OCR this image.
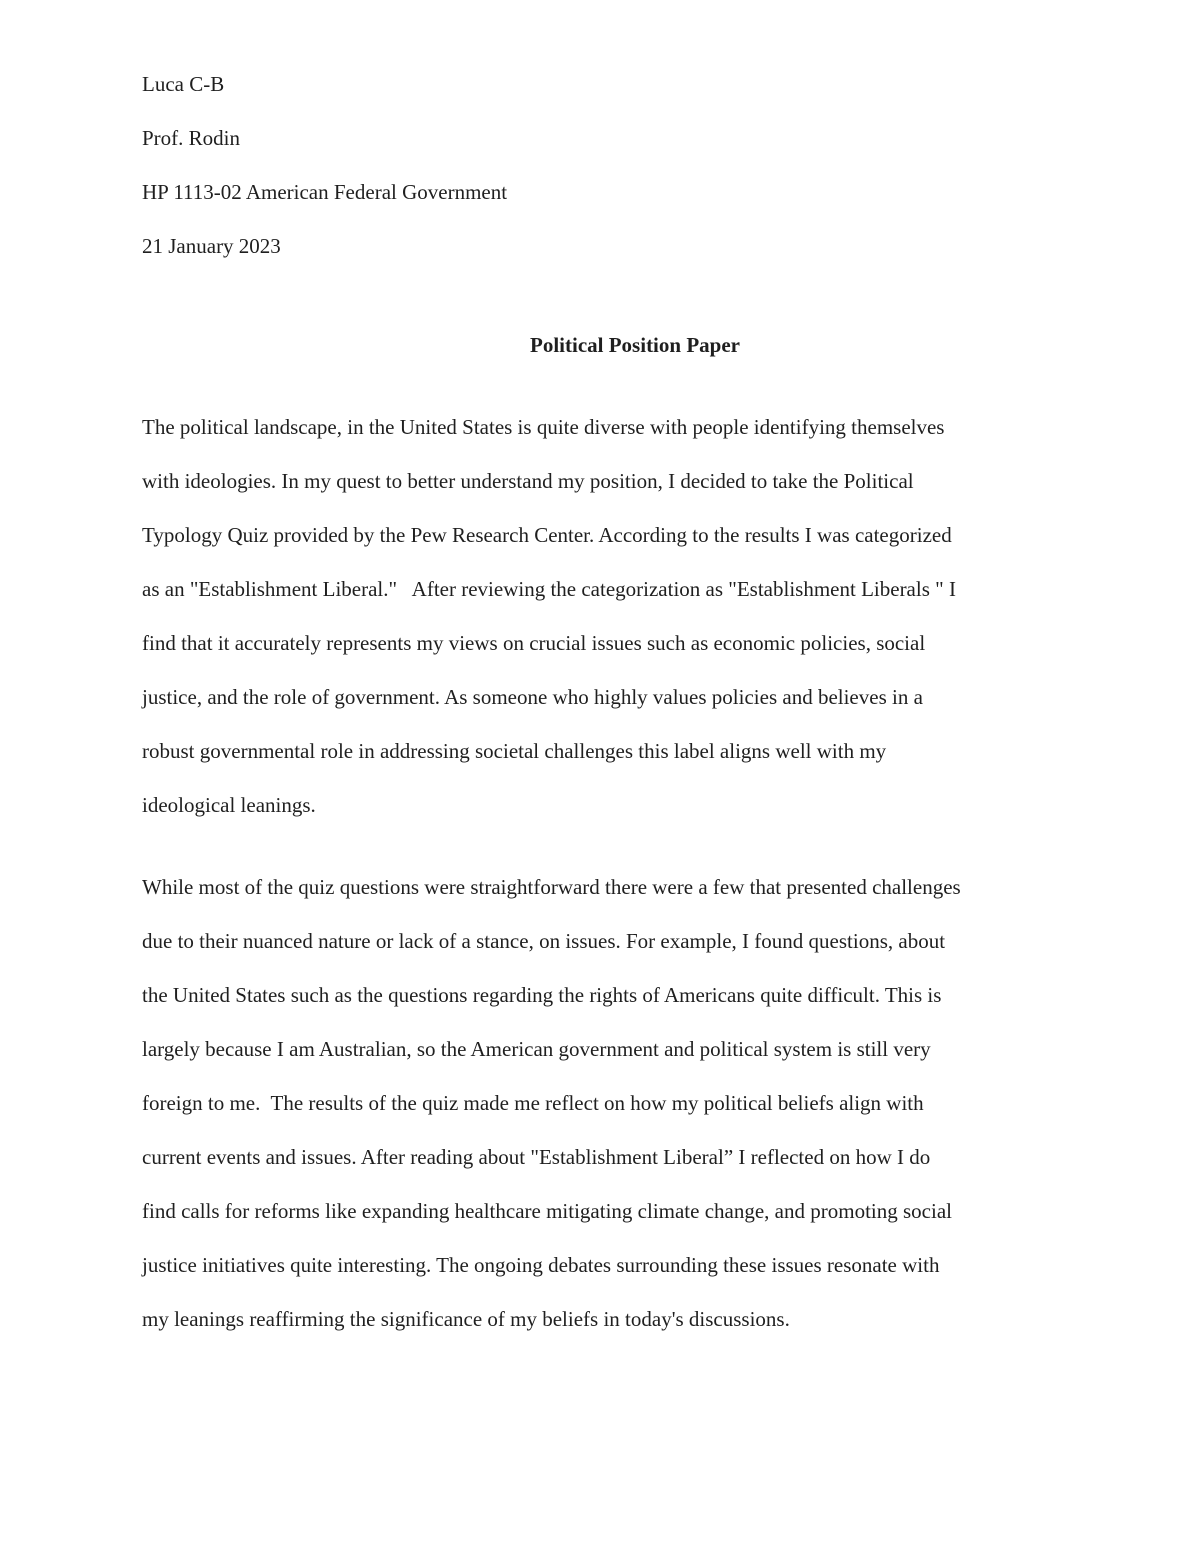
Luca C-B

Prof. Rodin

HP 1113-02 American Federal Government

21 January 2023

Political Position Paper
The political landscape, in the United States is quite diverse with people identifying themselves
with ideologies. In my quest to better understand my position, I decided to take the Political
Typology Quiz provided by the Pew Research Center. According to the results I was categorized
as an "Establishment Liberal."   After reviewing the categorization as "Establishment Liberals " I
find that it accurately represents my views on crucial issues such as economic policies, social
justice, and the role of government. As someone who highly values policies and believes in a
robust governmental role in addressing societal challenges this label aligns well with my
ideological leanings.
While most of the quiz questions were straightforward there were a few that presented challenges
due to their nuanced nature or lack of a stance, on issues. For example, I found questions, about
the United States such as the questions regarding the rights of Americans quite difficult. This is
largely because I am Australian, so the American government and political system is still very
foreign to me.  The results of the quiz made me reflect on how my political beliefs align with
current events and issues. After reading about "Establishment Liberal” I reflected on how I do
find calls for reforms like expanding healthcare mitigating climate change, and promoting social
justice initiatives quite interesting. The ongoing debates surrounding these issues resonate with
my leanings reaffirming the significance of my beliefs in today's discussions.
